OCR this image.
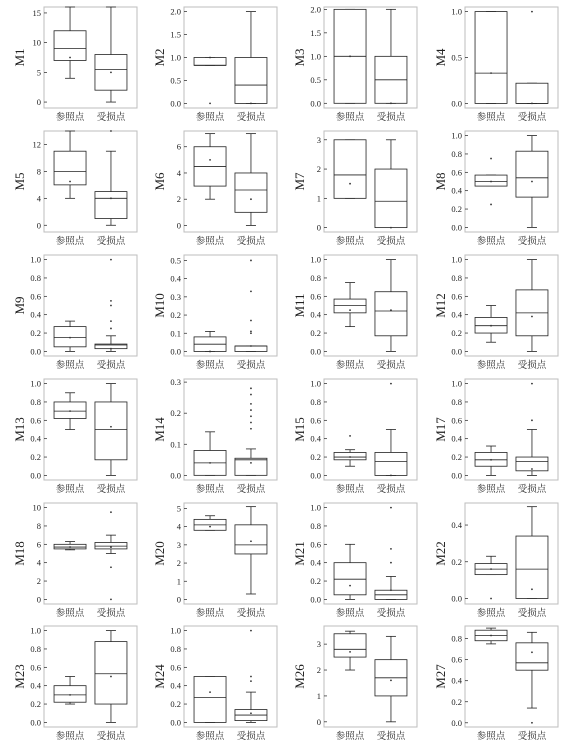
M1
0
5
10
15
参照点 受损点
M2
0.0
0.5
1.0
1.5
2.0
参照点 受损点
M3
0.0
0.5
1.0
1.5
2.0
参照点 受损点
M4
0.0
0.5
1.0
参照点 受损点
M5
0
4
8
12
参照点 受损点
M6
0
2
4
6
参照点 受损点
M7
0
1
2
3
参照点 受损点
M8
0.0
0.2
0.4
0.6
0.8
1.0
参照点 受损点
M9
0.0
0.2
0.4
0.6
0.8
1.0
参照点 受损点
M10
0.0
0.1
0.2
0.3
0.4
0.5
参照点 受损点
M11
0.0
0.2
0.4
0.6
0.8
1.0
参照点 受损点
M12
0.0
0.2
0.4
0.6
0.8
1.0
参照点 受损点
M13
0.0
0.2
0.4
0.6
0.8
1.0
参照点 受损点
M14
0.0
0.1
0.2
0.3
参照点 受损点
M15
0.0
0.2
0.4
0.6
0.8
1.0
参照点 受损点
M17
0.0
0.2
0.4
0.6
0.8
1.0
参照点 受损点
M18
0
2
4
6
8
10
参照点 受损点
M20
0
1
2
3
4
5
参照点 受损点
M21
0.0
0.2
0.4
0.6
0.8
1.0
参照点 受损点
M22
0.0
0.2
0.4
参照点 受损点
M23
0.0
0.2
0.4
0.6
0.8
1.0
参照点 受损点
M24
0.0
0.2
0.4
0.6
0.8
1.0
参照点 受损点
M26
0
1
2
3
参照点 受损点
M27
0.0
0.2
0.4
0.6
0.8
参照点 受损点
